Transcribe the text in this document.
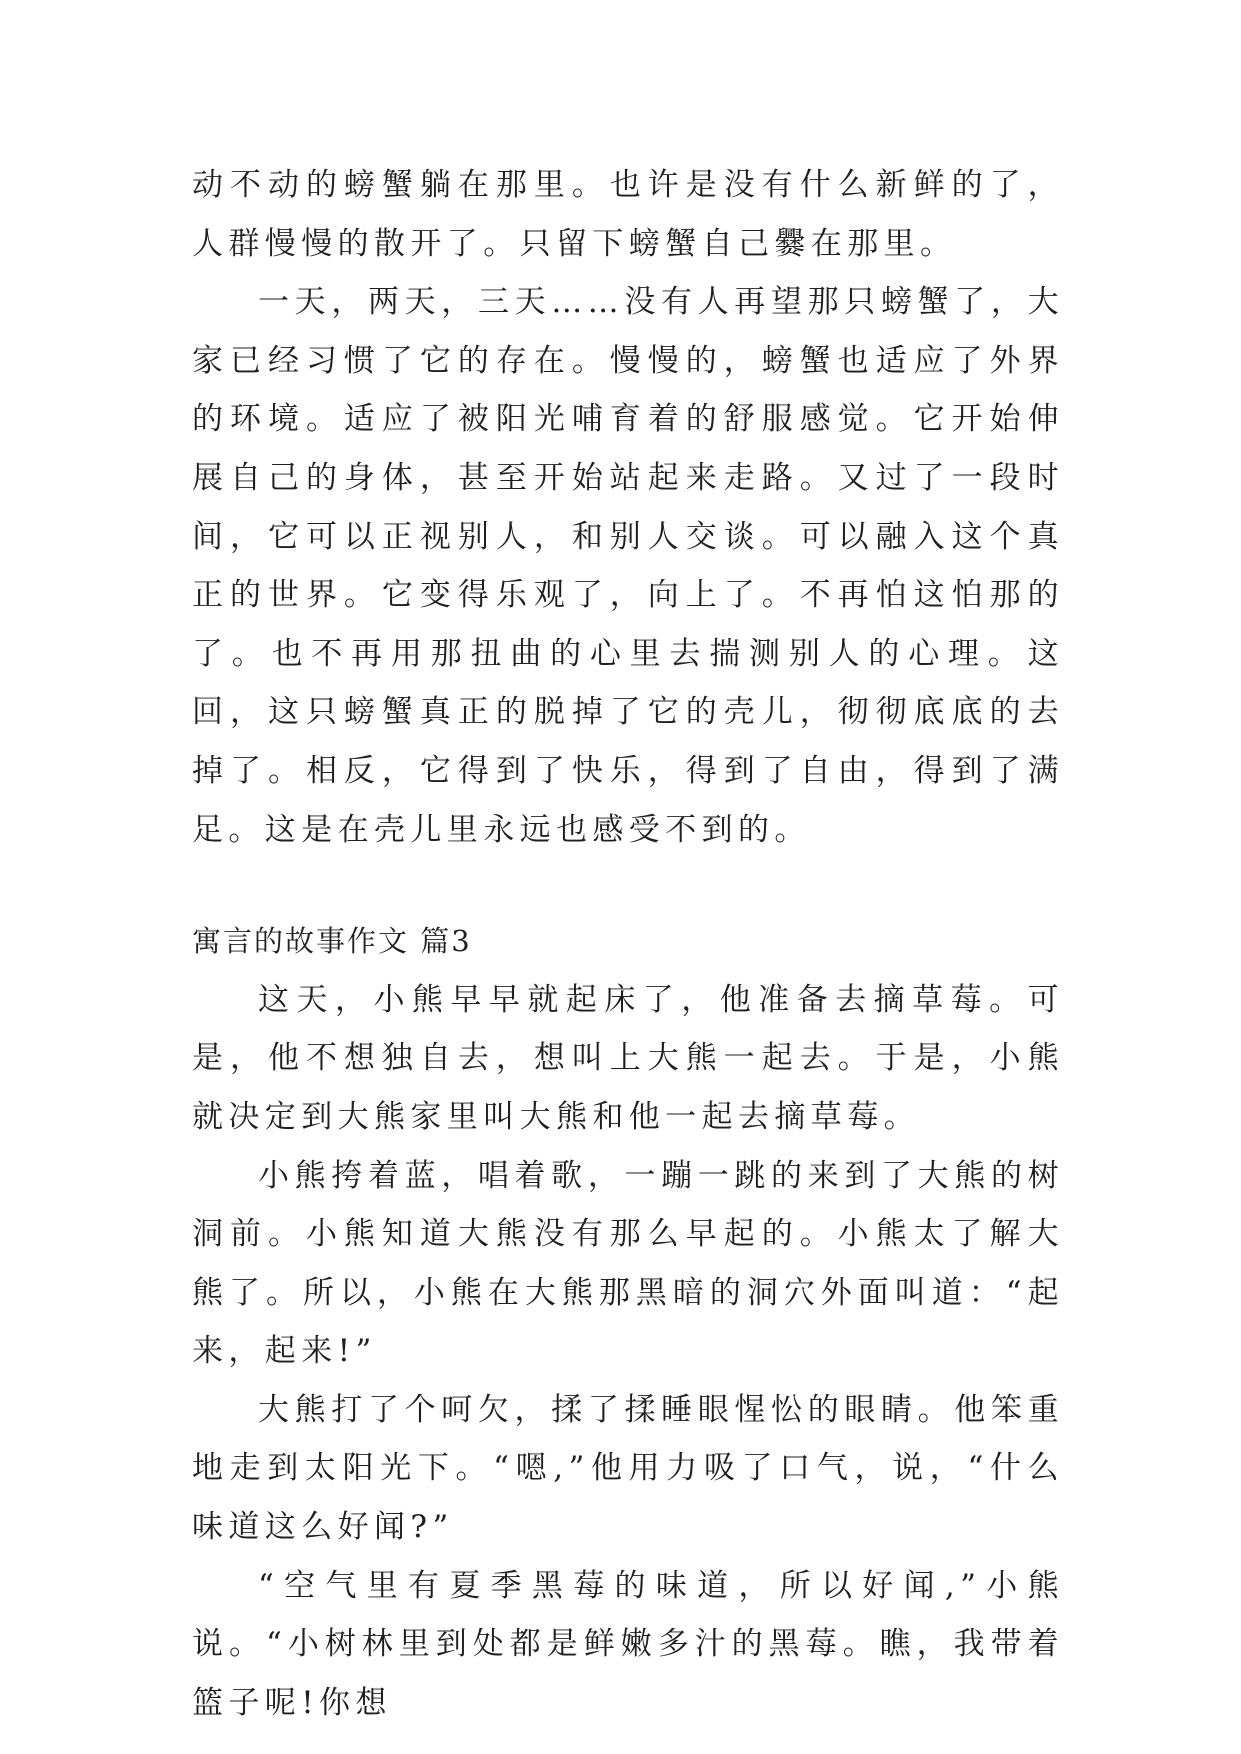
动不动的螃蟹躺在那里。也许是没有什么新鲜的了，人群慢慢的散开了。只留下螃蟹自己爨在那里。

一天，两天，三天……没有人再望那只螃蟹了，大家已经习惯了它的存在。慢慢的，螃蟹也适应了外界的环境。适应了被阳光哺育着的舒服感觉。它开始伸展自己的身体，甚至开始站起来走路。又过了一段时间，它可以正视别人，和别人交谈。可以融入这个真正的世界。它变得乐观了，向上了。不再怕这怕那的了。也不再用那扭曲的心里去揣测别人的心理。这回，这只螃蟹真正的脱掉了它的壳儿，彻彻底底的去掉了。相反，它得到了快乐，得到了自由，得到了满足。这是在壳儿里永远也感受不到的。

寓言的故事作文 篇3

这天，小熊早早就起床了，他准备去摘草莓。可是，他不想独自去，想叫上大熊一起去。于是，小熊就决定到大熊家里叫大熊和他一起去摘草莓。

小熊挎着蓝，唱着歌，一蹦一跳的来到了大熊的树洞前。小熊知道大熊没有那么早起的。小熊太了解大熊了。所以，小熊在大熊那黑暗的洞穴外面叫道：“起来，起来!”

大熊打了个呵欠，揉了揉睡眼惺忪的眼睛。他笨重地走到太阳光下。“嗯,”他用力吸了口气，说，“什么味道这么好闻?”

“空气里有夏季黑莓的味道，所以好闻,”小熊说。“小树林里到处都是鲜嫩多汁的黑莓。瞧，我带着篮子呢!你想
